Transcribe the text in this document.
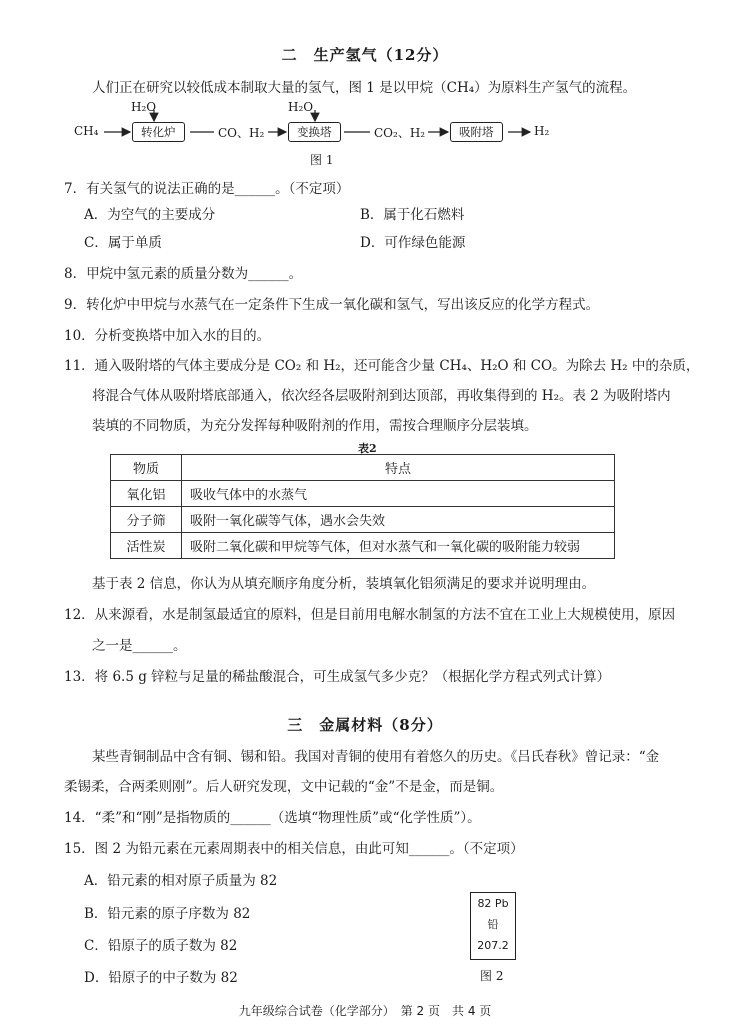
二　生产氢气（12分）
人们正在研究以较低成本制取大量的氢气，图 1 是以甲烷（CH₄）为原料生产氢气的流程。
CH₄
H₂O
转化炉	CO、H₂
H₂O
变换塔	CO₂、H₂	吸附塔	H₂
图 1
7．有关氢气的说法正确的是______。（不定项）
A．为空气的主要成分	B．属于化石燃料
C．属于单质	D．可作绿色能源
8．甲烷中氢元素的质量分数为______。
9．转化炉中甲烷与水蒸气在一定条件下生成一氧化碳和氢气，写出该反应的化学方程式。
10．分析变换塔中加入水的目的。
11．通入吸附塔的气体主要成分是 CO₂ 和 H₂，还可能含少量 CH₄、H₂O 和 CO。为除去 H₂ 中的杂质，
将混合气体从吸附塔底部通入，依次经各层吸附剂到达顶部，再收集得到的 H₂。表 2 为吸附塔内
装填的不同物质，为充分发挥每种吸附剂的作用，需按合理顺序分层装填。
表2
物质	特点
氧化铝	吸收气体中的水蒸气
分子筛	吸附一氧化碳等气体，遇水会失效
活性炭	吸附二氧化碳和甲烷等气体，但对水蒸气和一氧化碳的吸附能力较弱
基于表 2 信息，你认为从填充顺序角度分析，装填氧化铝须满足的要求并说明理由。
12．从来源看，水是制氢最适宜的原料，但是目前用电解水制氢的方法不宜在工业上大规模使用，原因
之一是______。
13．将 6.5 g 锌粒与足量的稀盐酸混合，可生成氢气多少克？（根据化学方程式列式计算）
三　金属材料（8分）
某些青铜制品中含有铜、锡和铅。我国对青铜的使用有着悠久的历史。《吕氏春秋》曾记录：“金
柔锡柔，合两柔则刚”。后人研究发现，文中记载的“金”不是金，而是铜。
14．“柔”和“刚”是指物质的______（选填“物理性质”或“化学性质”）。
15．图 2 为铅元素在元素周期表中的相关信息，由此可知______。（不定项）
A．铅元素的相对原子质量为 82
B．铅元素的原子序数为 82
C．铅原子的质子数为 82
D．铅原子的中子数为 82
82 Pb
铅
207.2
图 2
九年级综合试卷（化学部分）　第 2 页　共 4 页
